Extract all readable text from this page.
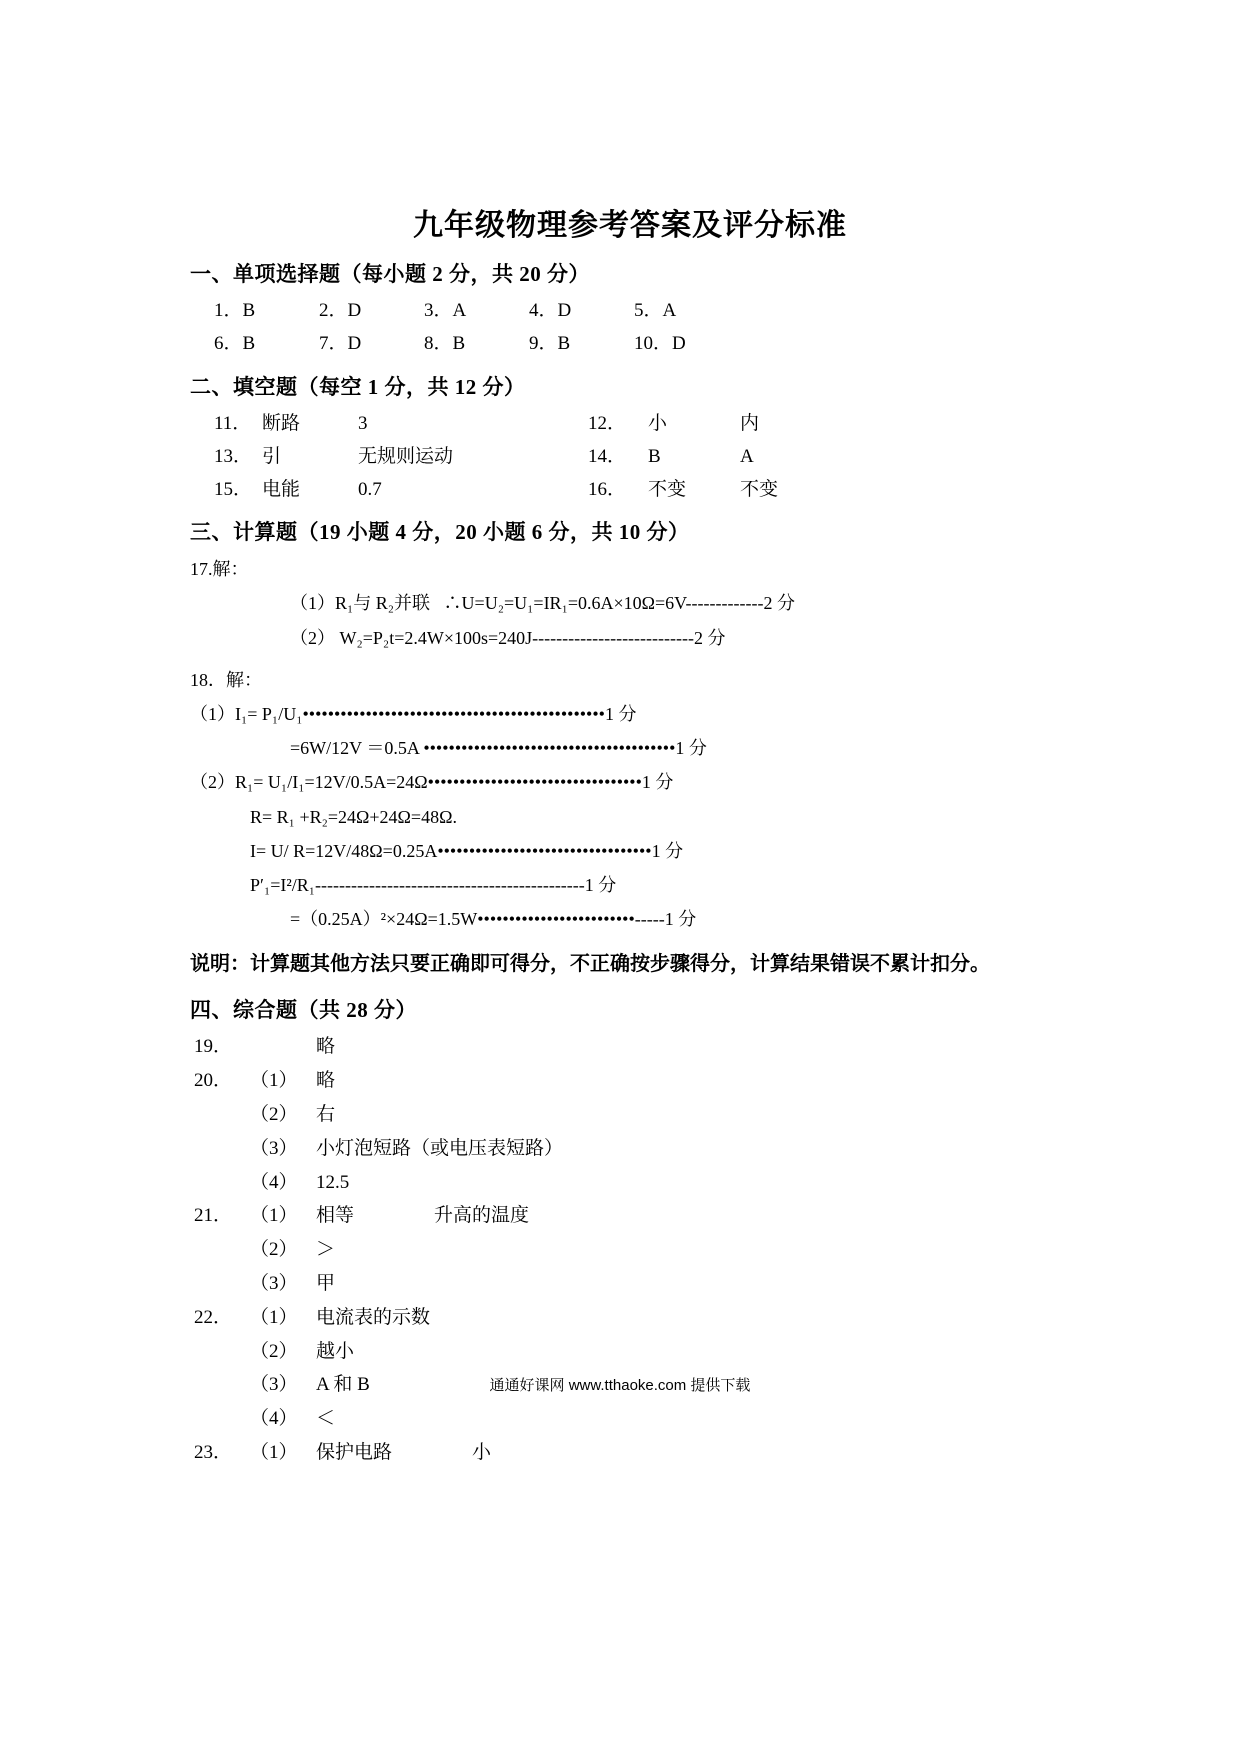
九年级物理参考答案及评分标准
一、单项选择题（每小题 2 分，共 20 分）
1．B	2．D	3．A	4．D	5．A
6．B	7．D	8．B	9．B	10．D
二、填空题（每空 1 分，共 12 分）
11． 断路	3	12．	小	内
13． 引	无规则运动	14．	B	A
15． 电能	0.7	16．	不变	不变
三、计算题（19 小题 4 分，20 小题 6 分，共 10 分）
17.解：
（1）R₁与 R₂并联   ∴U=U₂=U₁=IR₁=0.6A×10Ω=6V-------------2 分
（2） W₂=P₂t=2.4W×100s=240J---------------------------2 分
18．解：
（1）I₁= P₁/U₁••••••••••••••••••••••••••••••••••••••••••••••••1 分
=6W/12V ＝0.5A ••••••••••••••••••••••••••••••••••••••••1 分
（2）R₁= U₁/I₁=12V/0.5A=24Ω••••••••••••••••••••••••••••••••••1 分
R= R₁ +R₂=24Ω+24Ω=48Ω.
I= U/ R=12V/48Ω=0.25A••••••••••••••••••••••••••••••••••1 分
P′₁=I²/R₁---------------------------------------------1 分
=（0.25A）²×24Ω=1.5W•••••••••••••••••••••••••-----1 分
说明：计算题其他方法只要正确即可得分，不正确按步骤得分，计算结果错误不累计扣分。
四、综合题（共 28 分）
19．	略
20． （1） 略
（2） 右
（3） 小灯泡短路（或电压表短路）
（4） 12.5
21． （1） 相等	升高的温度
（2） ＞
（3） 甲
22． （1） 电流表的示数
（2） 越小
（3） A 和 B
（4） ＜
23． （1） 保护电路	小
通通好课网 www.tthaoke.com 提供下载
